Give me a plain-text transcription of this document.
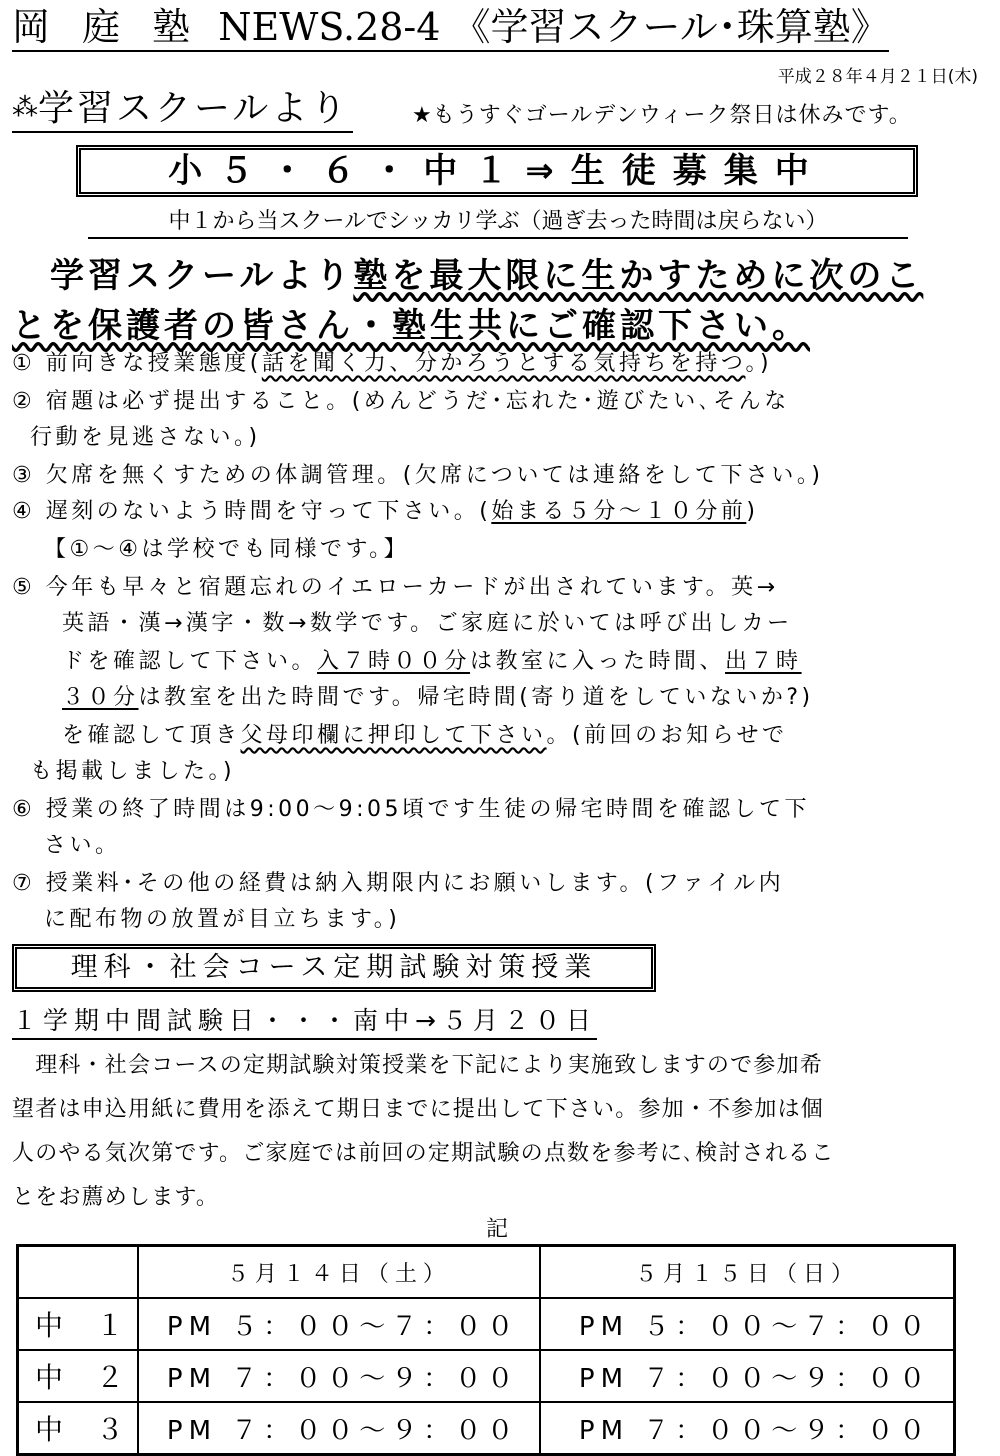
岡 庭 塾 NEWS.28-4 《学習スクール･珠算塾》
平成２８年４月２１日(木)
⁂学習スクールより	★もうすぐゴールデンウィーク祭日は休みです。
小５・６・中１⇒生徒募集中
中１から当スクールでシッカリ学ぶ（過ぎ去った時間は戻らない）
　学習スクールより塾を最大限に生かすために次のこ
とを保護者の皆さん・塾生共にご確認下さい。
① 前向きな授業態度(話を聞く力、分かろうとする気持ちを持つ。)
② 宿題は必ず提出すること。(めんどうだ･忘れた･遊びたい､そんな
行動を見逃さない。)
③ 欠席を無くすための体調管理。(欠席については連絡をして下さい。)
④ 遅刻のないよう時間を守って下さい。(始まる５分～１０分前)
【①～④は学校でも同様です。】
⑤ 今年も早々と宿題忘れのイエローカードが出されています。英→
英語・漢→漢字・数→数学です。ご家庭に於いては呼び出しカー
ドを確認して下さい。入７時００分は教室に入った時間、出７時
３０分は教室を出た時間です。帰宅時間(寄り道をしていないか?)
を確認して頂き父母印欄に押印して下さい。(前回のお知らせで
も掲載しました。)
⑥ 授業の終了時間は9:00～9:05頃です生徒の帰宅時間を確認して下
さい。
⑦ 授業料･その他の経費は納入期限内にお願いします。(ファイル内
に配布物の放置が目立ちます。)
理科・社会コース定期試験対策授業
１学期中間試験日・・・南中→５月２０日
　理科・社会コースの定期試験対策授業を下記により実施致しますので参加希
望者は申込用紙に費用を添えて期日までに提出して下さい。参加・不参加は個
人のやる気次第です。ご家庭では前回の定期試験の点数を参考に､検討されるこ
とをお薦めします。
記
	５月１４日（土）	５月１５日（日）
中 １	PM ５：００～７：００	PM ５：００～７：００
中 ２	PM ７：００～９：００	PM ７：００～９：００
中 ３	PM ７：００～９：００	PM ７：００～９：００
